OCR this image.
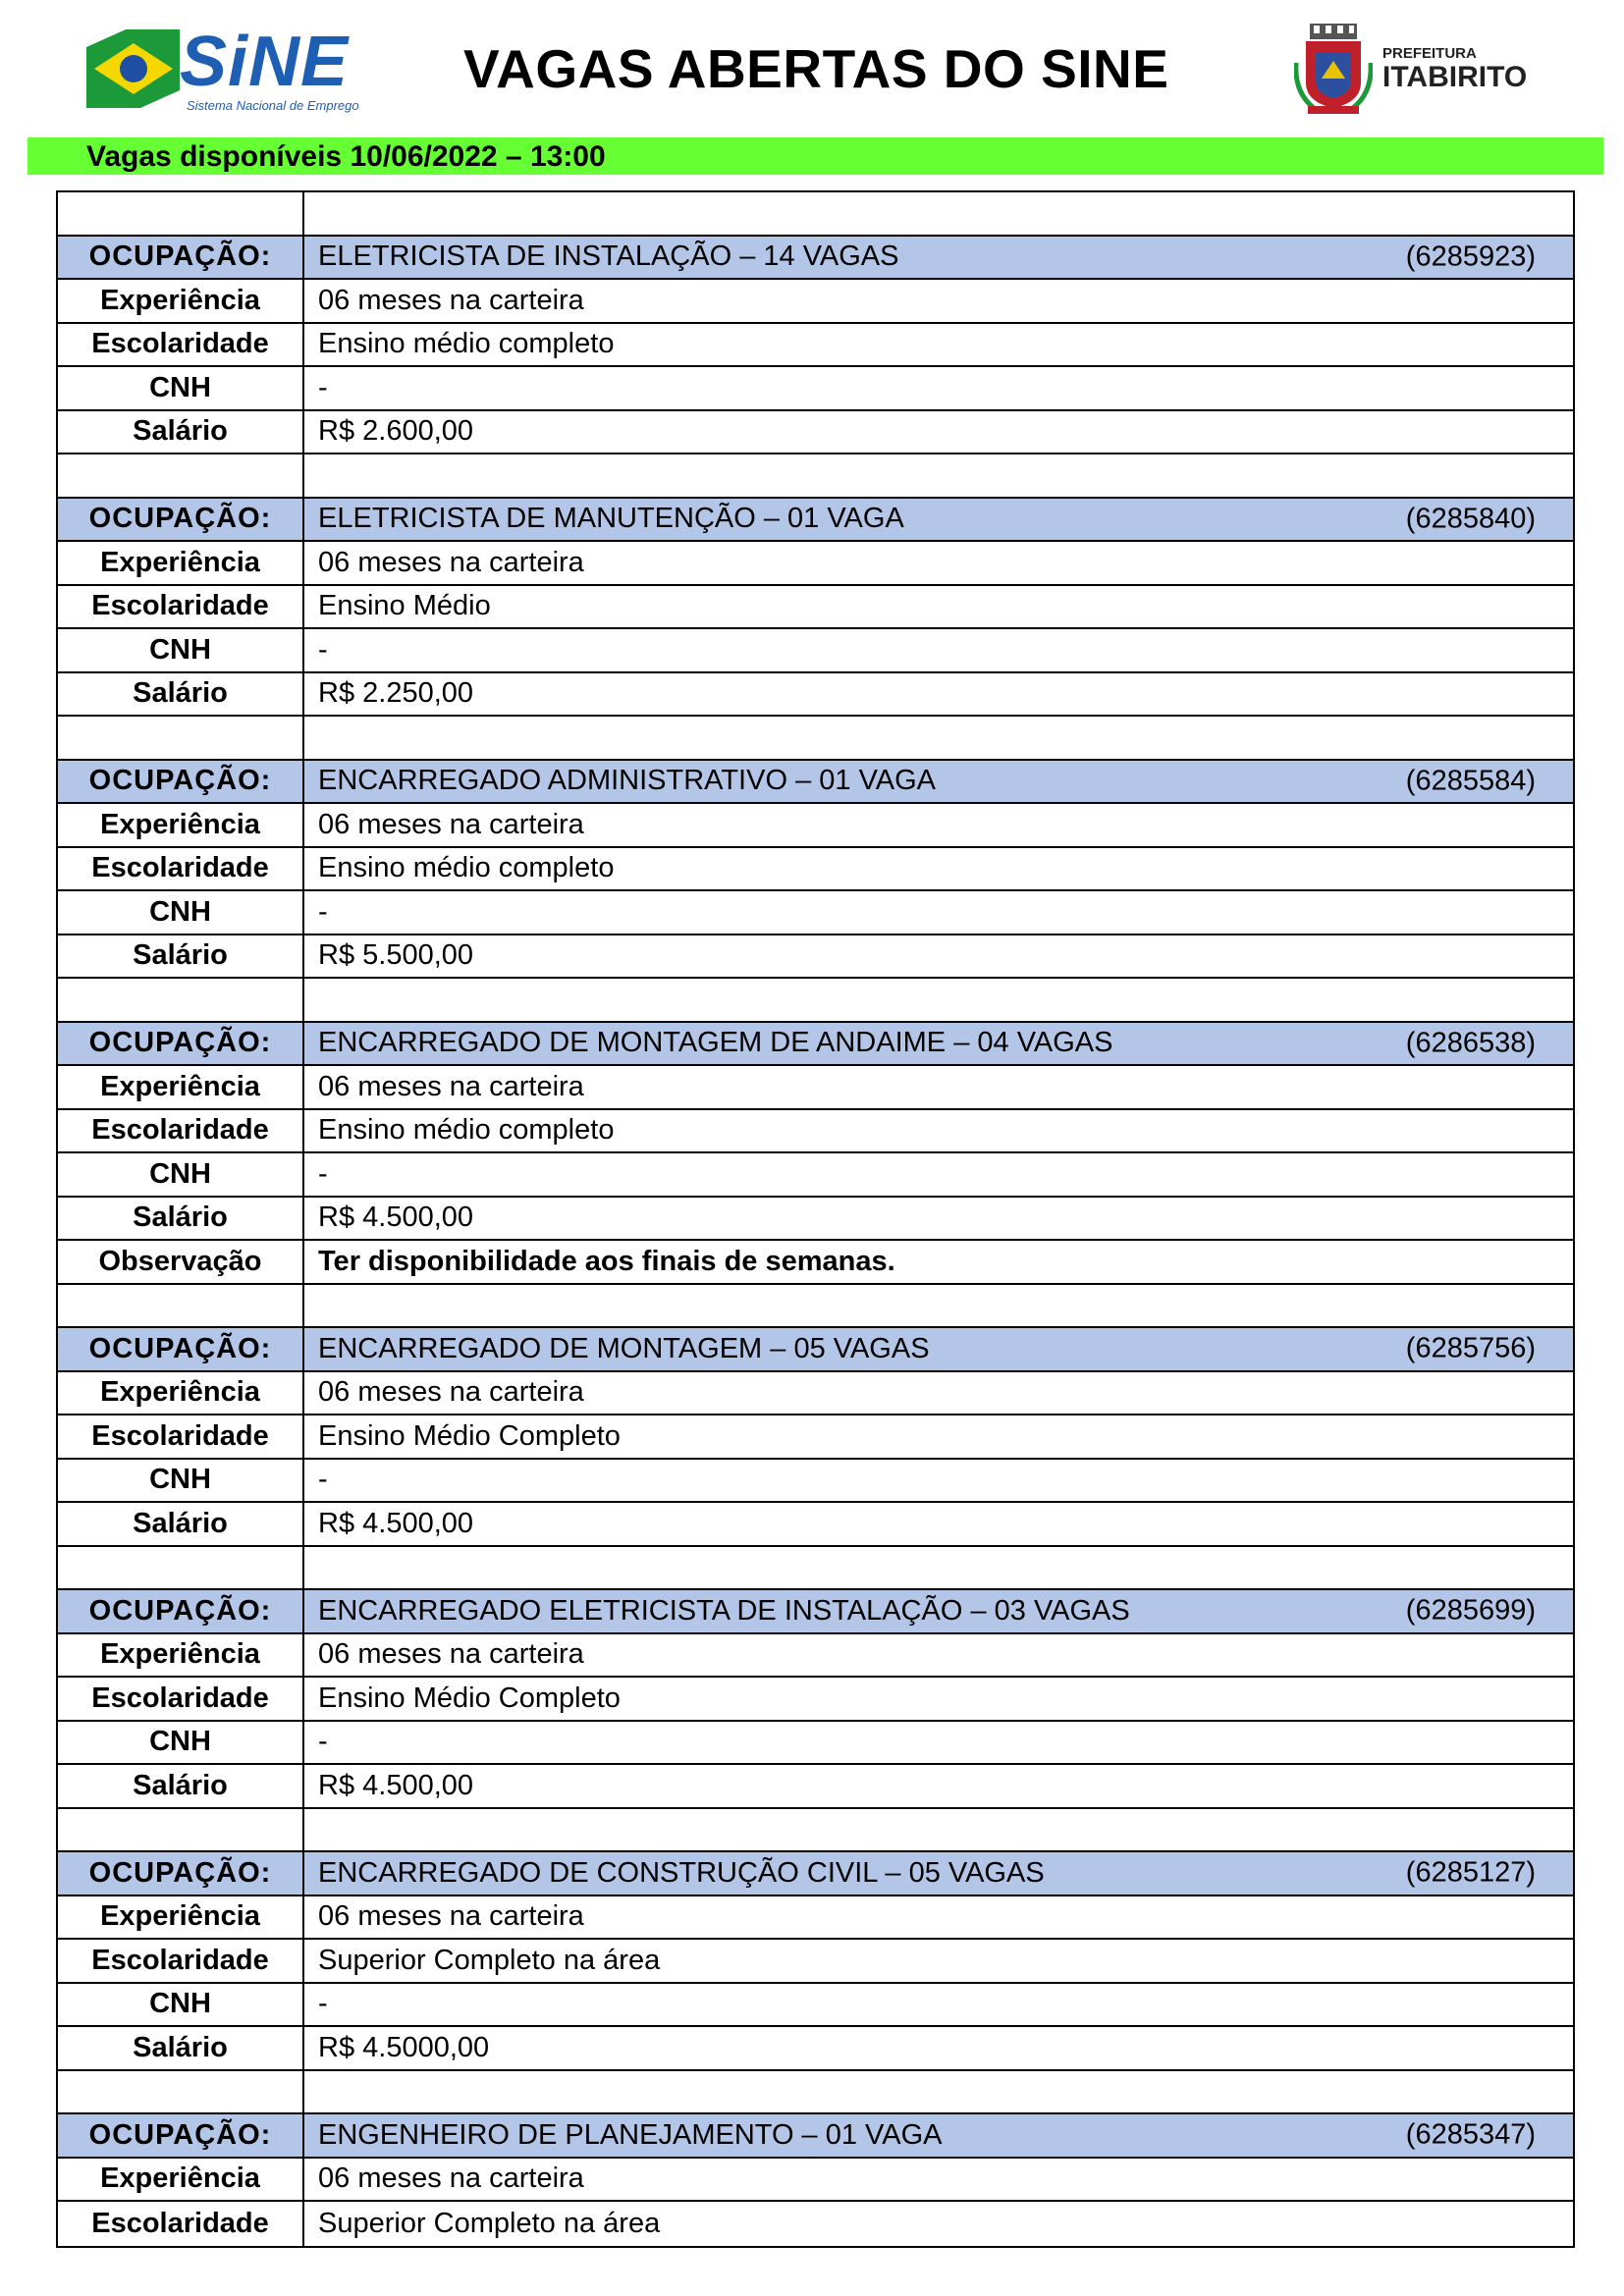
SiNE
Sistema Nacional de Emprego
VAGAS ABERTAS DO SINE	PREFEITURA
ITABIRITO
Vagas disponíveis 10/06/2022 – 13:00
OCUPAÇÃO:	ELETRICISTA DE INSTALAÇÃO – 14 VAGAS	(6285923)
Experiência	06 meses na carteira
Escolaridade	Ensino médio completo
CNH	-
Salário	R$ 2.600,00
OCUPAÇÃO:	ELETRICISTA DE MANUTENÇÃO – 01 VAGA	(6285840)
Experiência	06 meses na carteira
Escolaridade	Ensino Médio
CNH	-
Salário	R$ 2.250,00
OCUPAÇÃO:	ENCARREGADO ADMINISTRATIVO – 01 VAGA	(6285584)
Experiência	06 meses na carteira
Escolaridade	Ensino médio completo
CNH	-
Salário	R$ 5.500,00
OCUPAÇÃO:	ENCARREGADO DE MONTAGEM DE ANDAIME – 04 VAGAS	(6286538)
Experiência	06 meses na carteira
Escolaridade	Ensino médio completo
CNH	-
Salário	R$ 4.500,00
Observação	Ter disponibilidade aos finais de semanas.
OCUPAÇÃO:	ENCARREGADO DE MONTAGEM – 05 VAGAS	(6285756)
Experiência	06 meses na carteira
Escolaridade	Ensino Médio Completo
CNH	-
Salário	R$ 4.500,00
OCUPAÇÃO:	ENCARREGADO ELETRICISTA DE INSTALAÇÃO – 03 VAGAS	(6285699)
Experiência	06 meses na carteira
Escolaridade	Ensino Médio Completo
CNH	-
Salário	R$ 4.500,00
OCUPAÇÃO:	ENCARREGADO DE CONSTRUÇÃO CIVIL – 05 VAGAS	(6285127)
Experiência	06 meses na carteira
Escolaridade	Superior Completo na área
CNH	-
Salário	R$ 4.5000,00
OCUPAÇÃO:	ENGENHEIRO DE PLANEJAMENTO – 01 VAGA	(6285347)
Experiência	06 meses na carteira
Escolaridade	Superior Completo na área
